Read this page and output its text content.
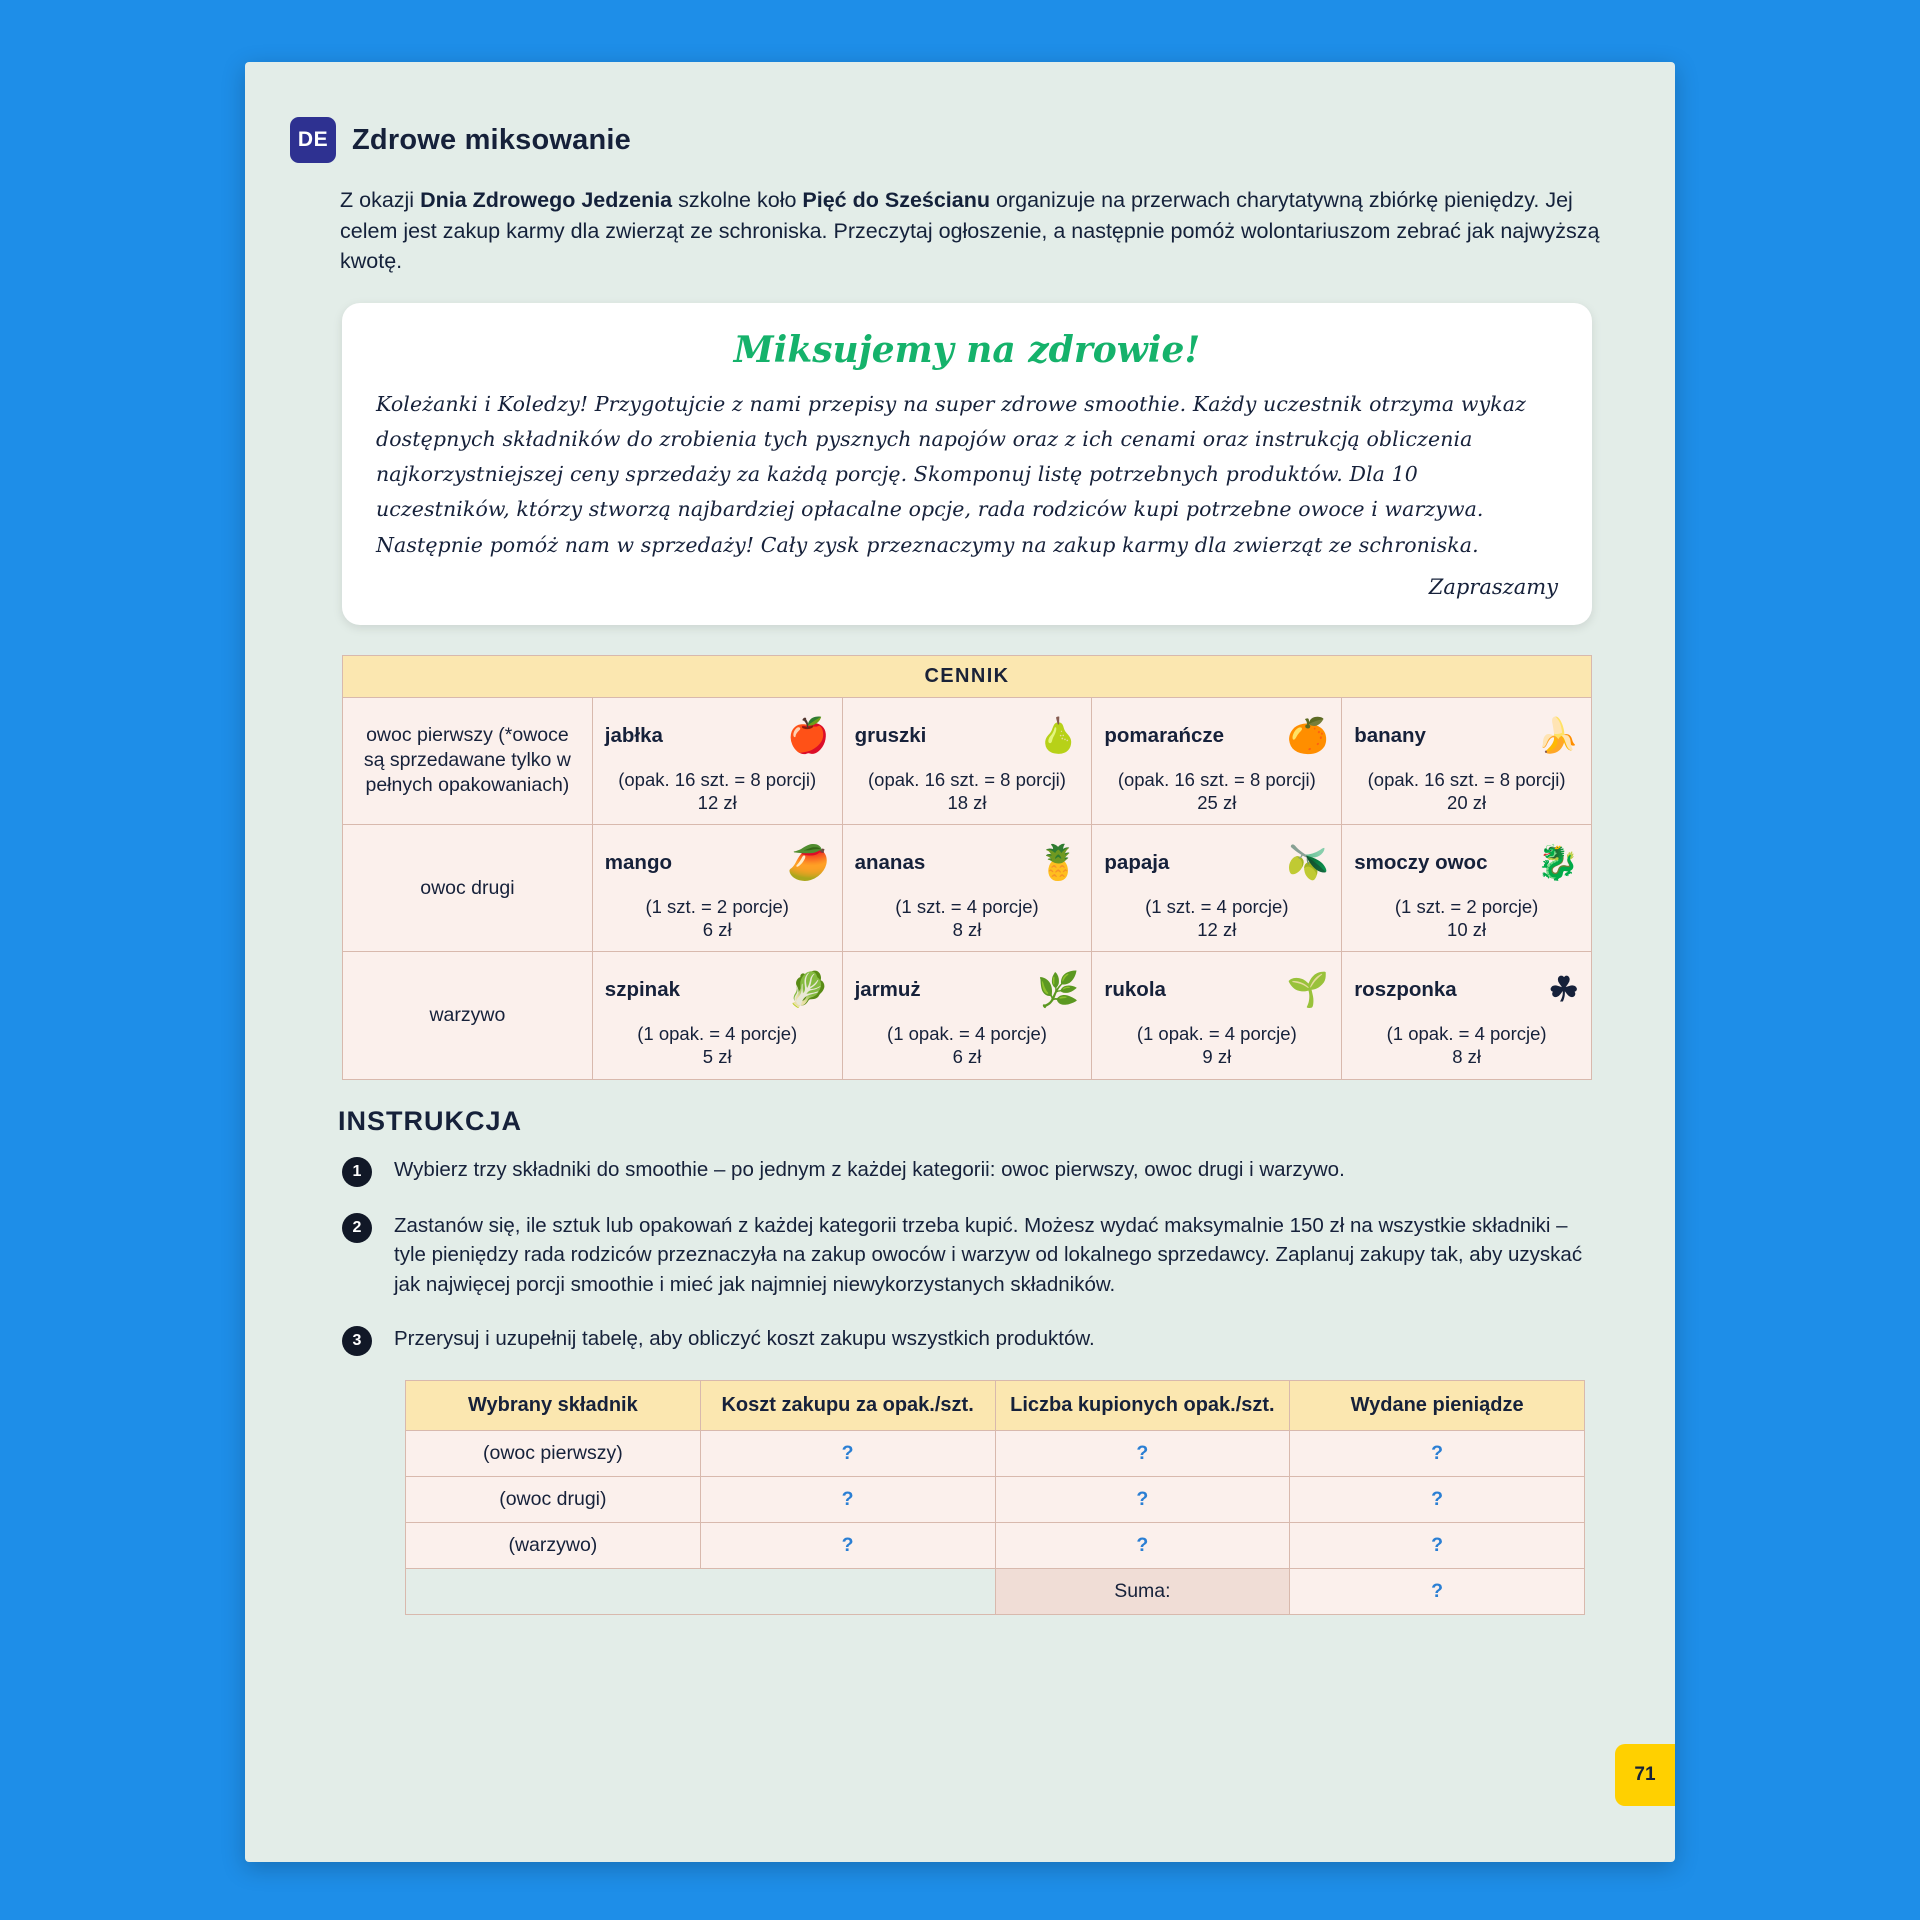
DE Zdrowe miksowanie

Z okazji Dnia Zdrowego Jedzenia szkolne koło Pięć do Sześcianu organizuje na przerwach charytatywną zbiórkę pieniędzy. Jej celem jest zakup karmy dla zwierząt ze schroniska. Przeczytaj ogłoszenie, a następnie pomóż wolontariuszom zebrać jak najwyższą kwotę.

Miksujemy na zdrowie!

Koleżanki i Koledzy! Przygotujcie z nami przepisy na super zdrowe smoothie. Każdy uczestnik otrzyma wykaz dostępnych składników do zrobienia tych pysznych napojów oraz z ich cenami oraz instrukcją obliczenia najkorzystniejszej ceny sprzedaży za każdą porcję. Skomponuj listę potrzebnych produktów. Dla 10 uczestników, którzy stworzą najbardziej opłacalne opcje, rada rodziców kupi potrzebne owoce i warzywa. Następnie pomóż nam w sprzedaży! Cały zysk przeznaczymy na zakup karmy dla zwierząt ze schroniska.

Zapraszamy
CENNIK				
owoc pierwszy (*owoce są sprzedawane tylko w pełnych opakowaniach)	
jabłka	🍎
(opak. 16 szt. = 8 porcji)
12 zł

gruszki	🍐
(opak. 16 szt. = 8 porcji)
18 zł

pomarańcze 🍊
(opak. 16 szt. = 8 porcji)
25 zł

banany	🍌
(opak. 16 szt. = 8 porcji)
20 zł

owoc drugi	
mango	🥭
(1 szt. = 2 porcje)
6 zł

ananas	🍍
(1 szt. = 4 porcje)
8 zł

papaja	🫒
(1 szt. = 4 porcje)
12 zł

smoczy owoc 🐉
(1 szt. = 2 porcje)
10 zł

warzywo	
szpinak	🥬
(1 opak. = 4 porcje)
5 zł

jarmuż	🌿
(1 opak. = 4 porcje)
6 zł

rukola	🌱
(1 opak. = 4 porcje)
9 zł

roszponka	☘
(1 opak. = 4 porcje)
8 zł
INSTRUKCJA
1	Wybierz trzy składniki do smoothie – po jednym z każdej kategorii: owoc pierwszy, owoc drugi i warzywo.

2	Zastanów się, ile sztuk lub opakowań z każdej kategorii trzeba kupić. Możesz wydać maksymalnie 150 zł na wszystkie składniki – tyle pieniędzy rada rodziców przeznaczyła na zakup owoców i warzyw od lokalnego sprzedawcy. Zaplanuj zakupy tak, aby uzyskać jak najwięcej porcji smoothie i mieć jak najmniej niewykorzystanych składników.

3	Przerysuj i uzupełnij tabelę, aby obliczyć koszt zakupu wszystkich produktów.

Wybrany składnik	Koszt zakupu za opak./szt.	Liczba kupionych opak./szt.	Wydane pieniądze
(owoc pierwszy)	?	?	?
(owoc drugi)	?	?	?
(warzywo)	?	?	?
		Suma:	?
71
